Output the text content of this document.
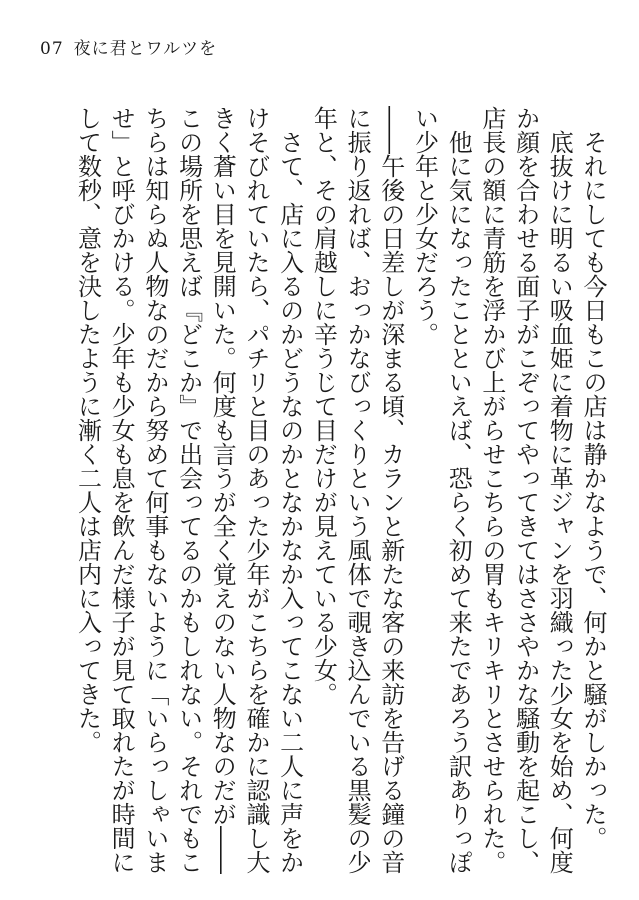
07 夜に君とワルツを

それにしても今日もこの店は静かなようで、何かと騒がしかった。

底抜けに明るい吸血姫に着物に革ジャンを羽織った少女を始め、何度か顔を合わせる面子がこぞってやってきてはささやかな騒動を起こし、店長の額に青筋を浮かび上がらせこちらの胃もキリキリとさせられた。

他に気になったことといえば、恐らく初めて来たであろう訳ありっぽい少年と少女だろう。

――午後の日差しが深まる頃、カランと新たな客の来訪を告げる鐘の音に振り返れば、おっかなびっくりという風体で覗き込んでいる黒髪の少年と、その肩越しに辛うじて目だけが見えている少女。

さて、店に入るのかどうなのかとなかなか入ってこない二人に声をかけそびれていたら、パチリと目のあった少年がこちらを確かに認識し大きく蒼い目を見開いた。何度も言うが全く覚えのない人物なのだが――この場所を思えば『どこか』で出会ってるのかもしれない。それでもこちらは知らぬ人物なのだから努めて何事もないように「いらっしゃいませ」と呼びかける。少年も少女も息を飲んだ様子が見て取れたが時間にして数秒、意を決したように漸く二人は店内に入ってきた。
